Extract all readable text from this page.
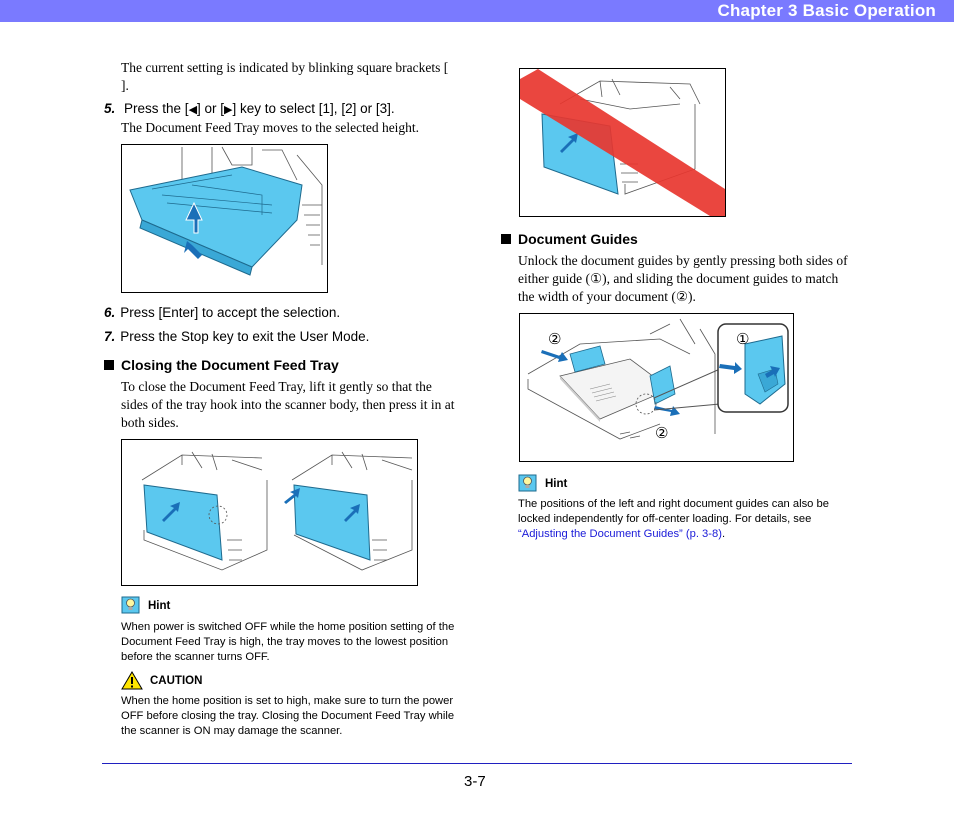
Chapter 3 Basic Operation
The current setting is indicated by blinking square brackets [ ].
5. Press the [◀] or [▶] key to select [1], [2] or [3].
The Document Feed Tray moves to the selected height.
6. Press [Enter] to accept the selection.
7. Press the Stop key to exit the User Mode.
Closing the Document Feed Tray
To close the Document Feed Tray, lift it gently so that the sides of the tray hook into the scanner body, then press it in at both sides.
Hint
When power is switched OFF while the home position setting of the Document Feed Tray is high, the tray moves to the lowest position before the scanner turns OFF.
CAUTION
When the home position is set to high, make sure to turn the power OFF before closing the tray. Closing the Document Feed Tray while the scanner is ON may damage the scanner.
Document Guides
Unlock the document guides by gently pressing both sides of either guide (①), and sliding the document guides to match the width of your document (②).
②
②
①
Hint
The positions of the left and right document guides can also be locked independently for off-center loading. For details, see “Adjusting the Document Guides” (p. 3-8).
3-7
